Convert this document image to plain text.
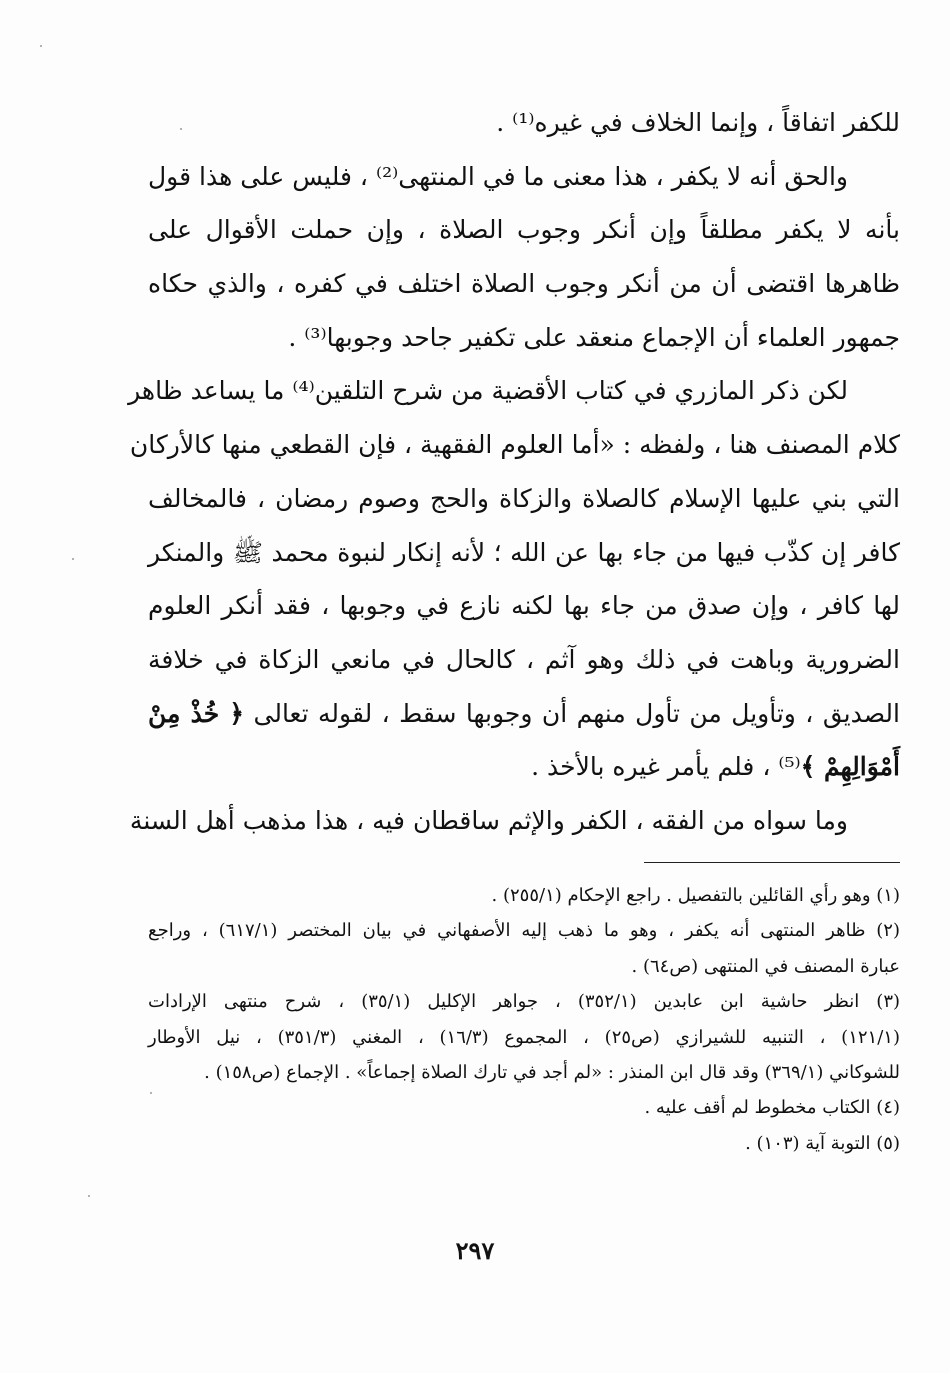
للكفر اتفاقاً ، وإنما الخلاف في غيره⁽¹⁾ .
والحق أنه لا يكفر ، هذا معنى ما في المنتهى⁽²⁾ ، فليس على هذا قول
بأنه لا يكفر مطلقاً وإن أنكر وجوب الصلاة ، وإن حملت الأقوال على
ظاهرها اقتضى أن من أنكر وجوب الصلاة اختلف في كفره ، والذي حكاه
جمهور العلماء أن الإجماع منعقد على تكفير جاحد وجوبها⁽³⁾ .
لكن ذكر المازري في كتاب الأقضية من شرح التلقين⁽⁴⁾ ما يساعد ظاهر
كلام المصنف هنا ، ولفظه : «أما العلوم الفقهية ، فإن القطعي منها كالأركان
التي بني عليها الإسلام كالصلاة والزكاة والحج وصوم رمضان ، فالمخالف
كافر إن كذّب فيها من جاء بها عن الله ؛ لأنه إنكار لنبوة محمد ﷺ والمنكر
لها كافر ، وإن صدق من جاء بها لكنه نازع في وجوبها ، فقد أنكر العلوم
الضرورية وباهت في ذلك وهو آثم ، كالحال في مانعي الزكاة في خلافة
الصديق ، وتأويل من تأول منهم أن وجوبها سقط ، لقوله تعالى ﴿ خُذْ مِنْ
أَمْوَالِهِمْ ﴾⁽⁵⁾ ، فلم يأمر غيره بالأخذ .
وما سواه من الفقه ، الكفر والإثم ساقطان فيه ، هذا مذهب أهل السنة
(١) وهو رأي القائلين بالتفصيل . راجع الإحكام (٢٥٥/١) .
(٢) ظاهر المنتهى أنه يكفر ، وهو ما ذهب إليه الأصفهاني في بيان المختصر (٦١٧/١) ، وراجع
عبارة المصنف في المنتهى (ص٦٤) .
(٣) انظر حاشية ابن عابدين (٣٥٢/١) ، جواهر الإكليل (٣٥/١) ، شرح منتهى الإرادات
(١٢١/١) ، التنبيه للشيرازي (ص٢٥) ، المجموع (١٦/٣) ، المغني (٣٥١/٣) ، نيل الأوطار
للشوكاني (٣٦٩/١) وقد قال ابن المنذر : «لم أجد في تارك الصلاة إجماعاً» . الإجماع (ص١٥٨) .
(٤) الكتاب مخطوط لم أقف عليه .
(٥) التوبة آية (١٠٣) .
٢٩٧
